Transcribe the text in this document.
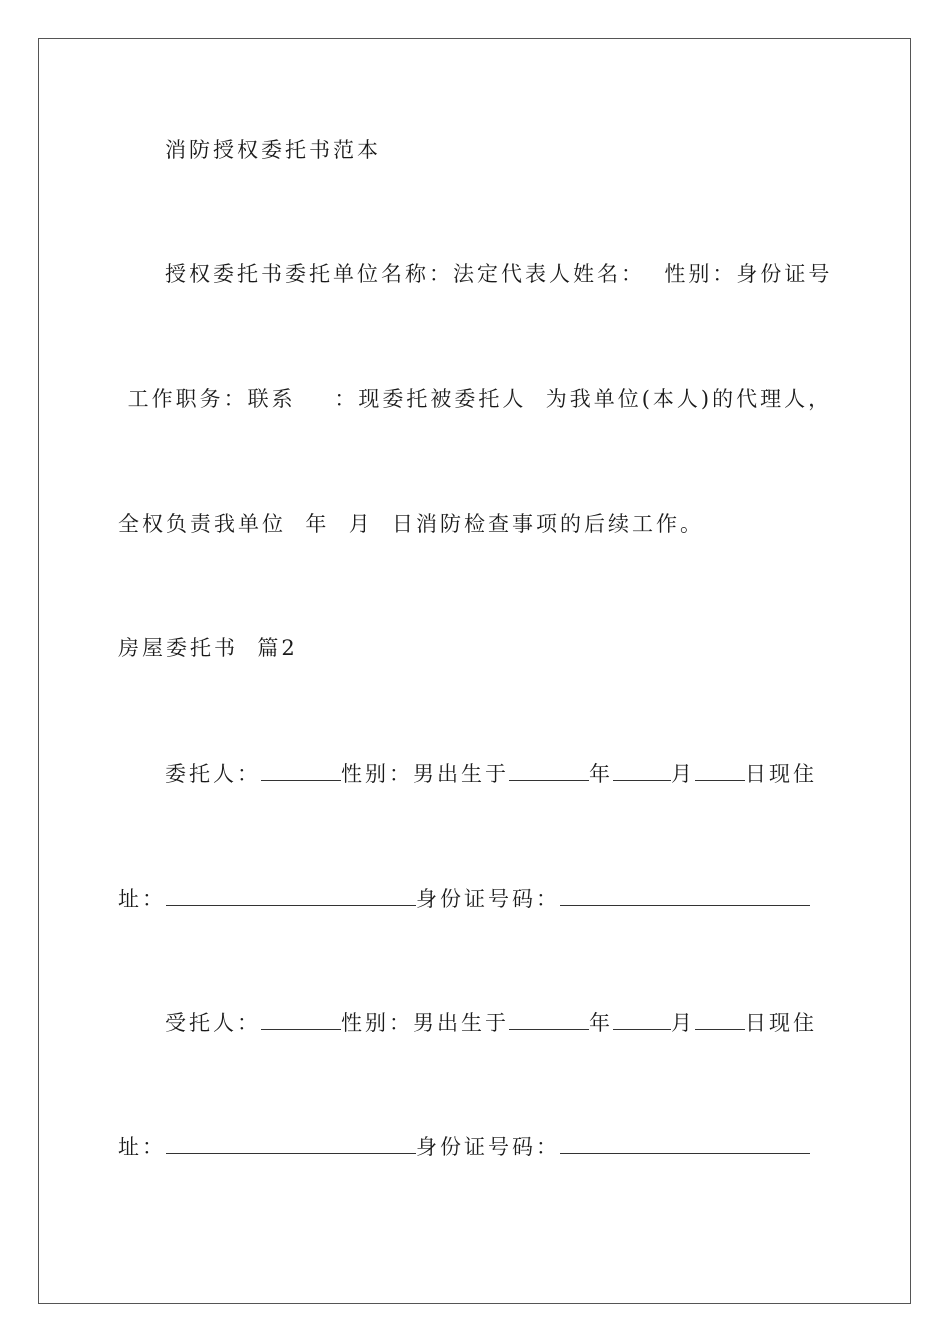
消防授权委托书范本
授权委托书委托单位名称：法定代表人姓名：  性别：身份证号
工作职务：联系    ：现委托被委托人  为我单位(本人)的代理人，
全权负责我单位  年  月  日消防检查事项的后续工作。
房屋委托书  篇2
委托人：	性别：男出生于	年	月 日现住
址：	身份证号码：
受托人：	性别：男出生于	年	月 日现住
址：	身份证号码：
